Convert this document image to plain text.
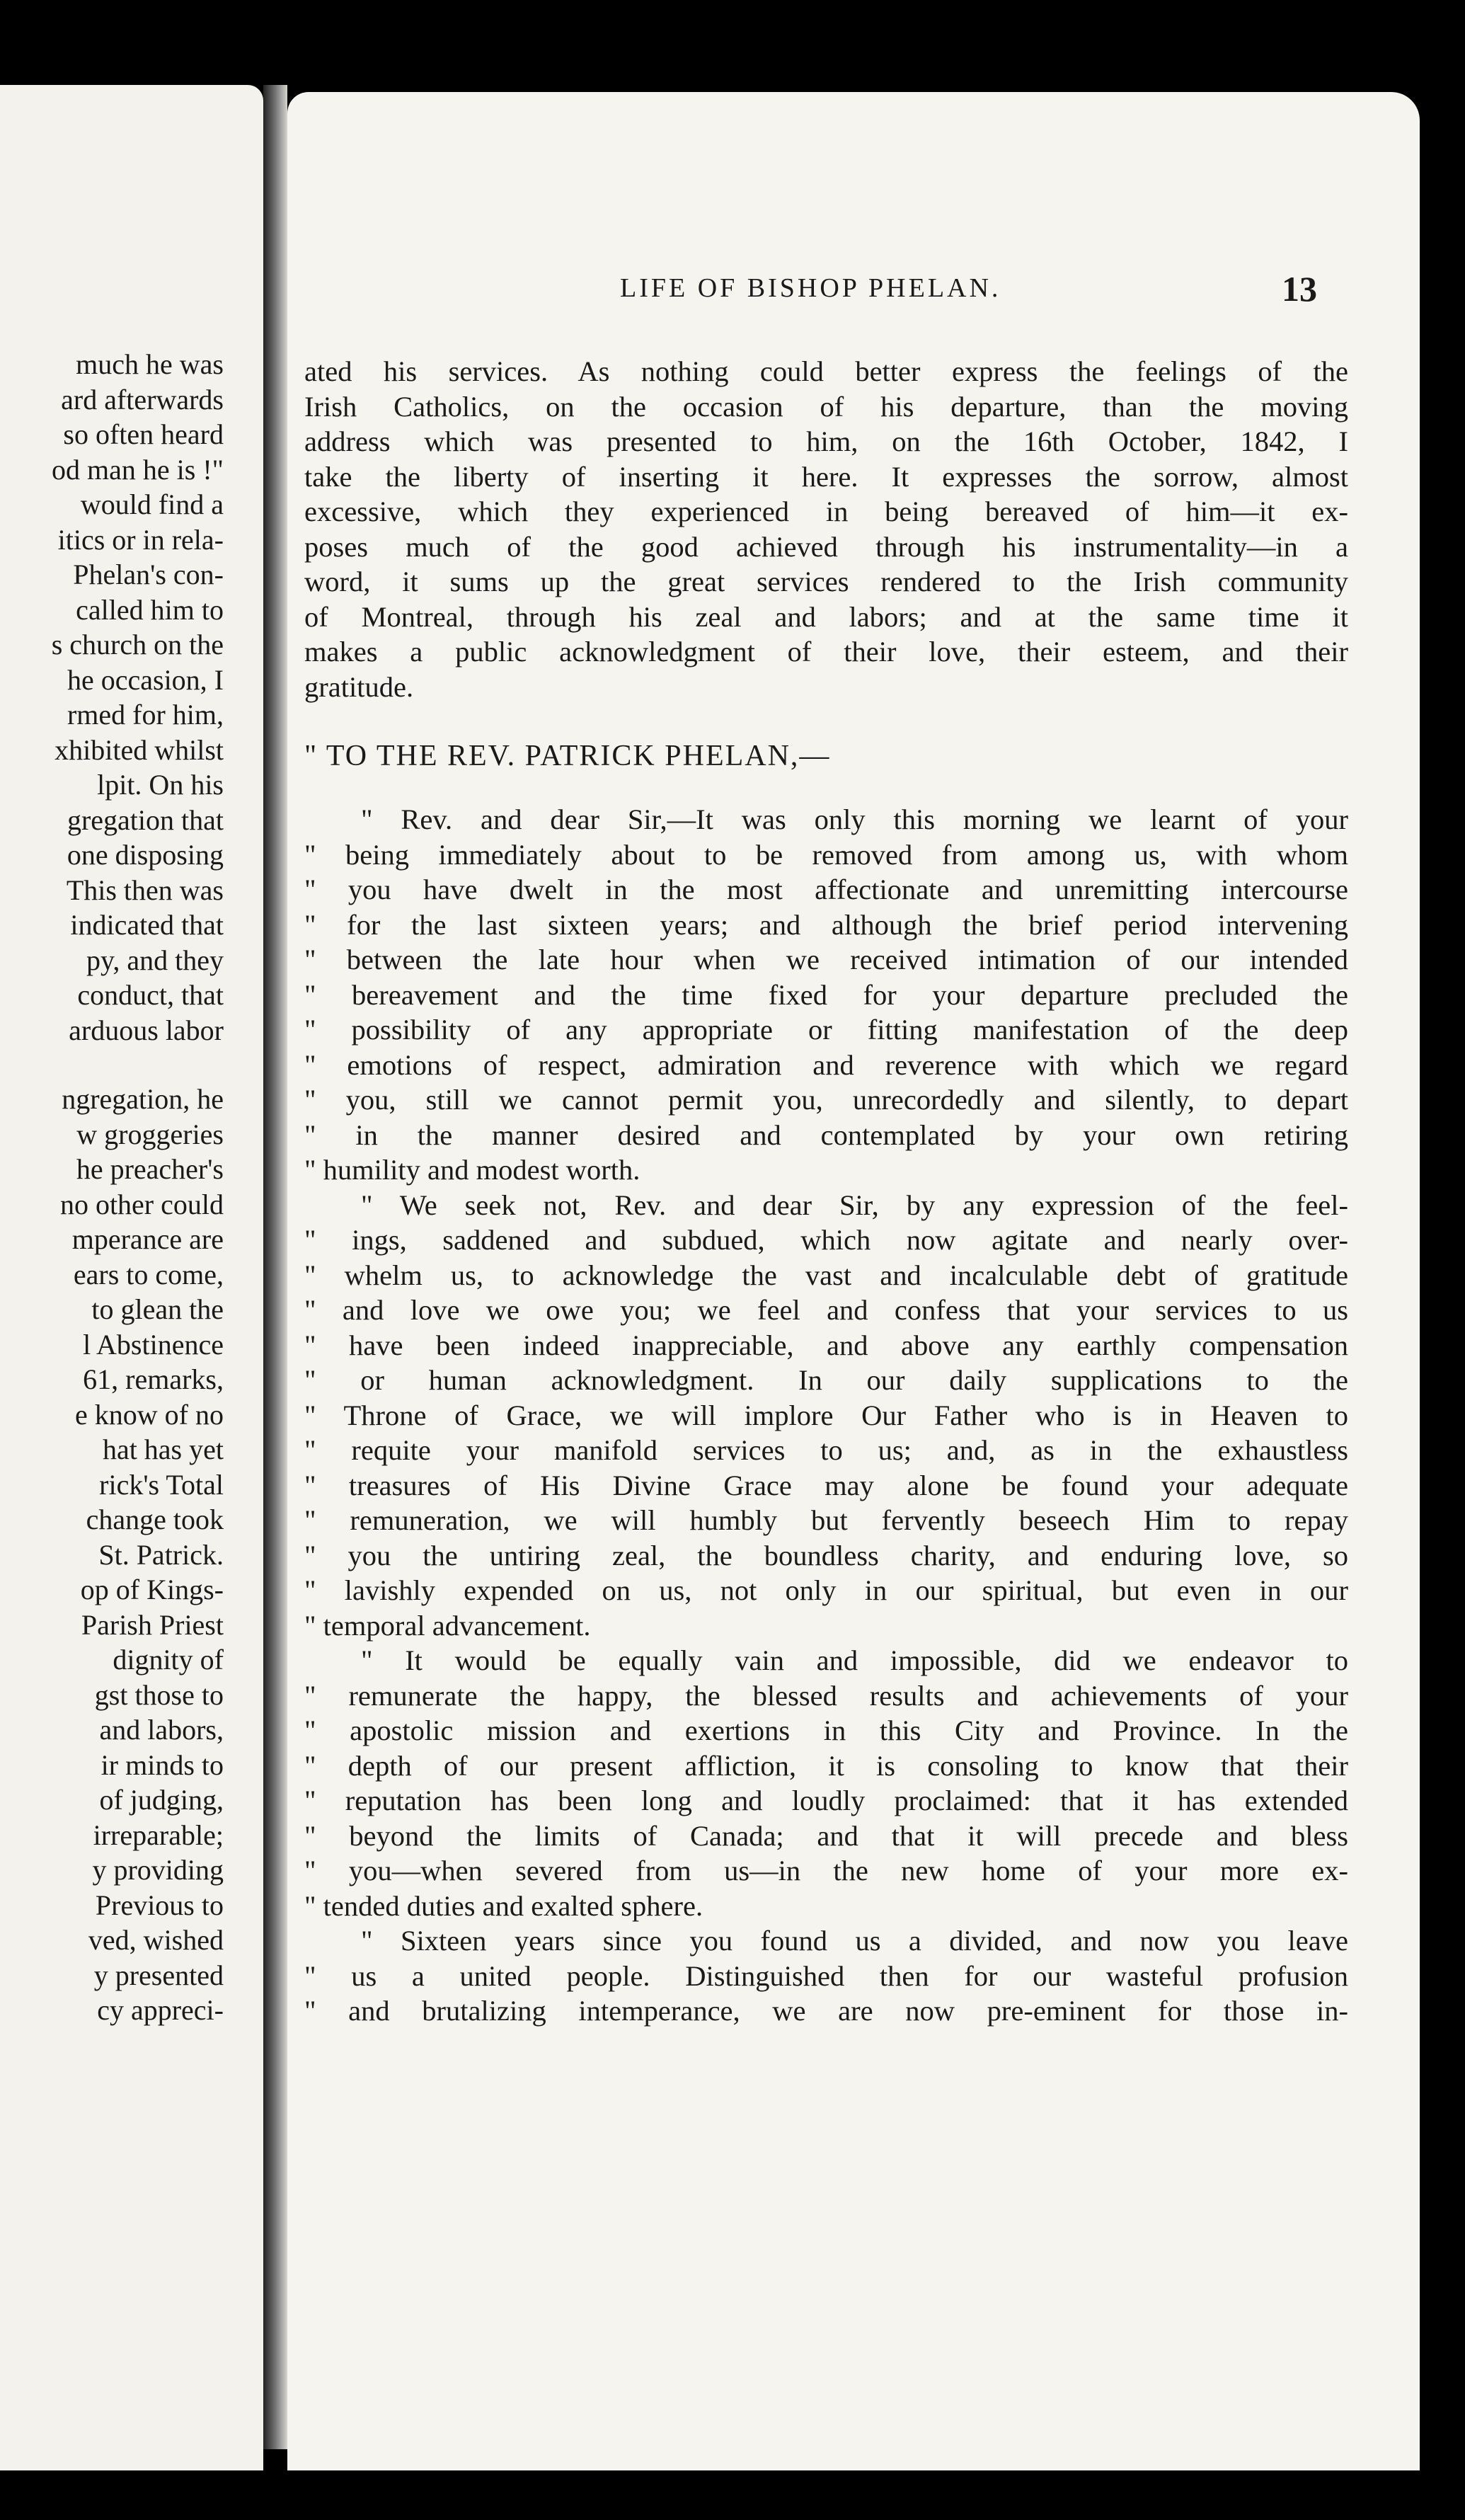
much he was
ard afterwards
so often heard
od man he is !"
would find a
itics or in rela-
Phelan's con-
called him to
s church on the
he occasion, I
rmed for him,
xhibited whilst
lpit. On his
gregation that
one disposing
This then was
indicated that
py, and they
conduct, that
arduous labor
ngregation, he
w groggeries
he preacher's
no other could
mperance are
ears to come,
to glean the
l Abstinence
61, remarks,
e know of no
hat has yet
rick's Total
change took
St. Patrick.
op of Kings-
Parish Priest
dignity of
gst those to
and labors,
ir minds to
of judging,
irreparable;
y providing
Previous to
ved, wished
y presented
cy appreci-
LIFE OF BISHOP PHELAN.	13
ated his services. As nothing could better express the feelings of the
Irish Catholics, on the occasion of his departure, than the moving
address which was presented to him, on the 16th October, 1842, I
take the liberty of inserting it here. It expresses the sorrow, almost
excessive, which they experienced in being bereaved of him—it ex-
poses much of the good achieved through his instrumentality—in a
word, it sums up the great services rendered to the Irish community
of Montreal, through his zeal and labors; and at the same time it
makes a public acknowledgment of their love, their esteem, and their
gratitude.
" TO THE REV. PATRICK PHELAN,—
" Rev. and dear Sir,—It was only this morning we learnt of your
" being immediately about to be removed from among us, with whom
" you have dwelt in the most affectionate and unremitting intercourse
" for the last sixteen years; and although the brief period intervening
" between the late hour when we received intimation of our intended
" bereavement and the time fixed for your departure precluded the
" possibility of any appropriate or fitting manifestation of the deep
" emotions of respect, admiration and reverence with which we regard
" you, still we cannot permit you, unrecordedly and silently, to depart
" in the manner desired and contemplated by your own retiring
" humility and modest worth.
" We seek not, Rev. and dear Sir, by any expression of the feel-
" ings, saddened and subdued, which now agitate and nearly over-
" whelm us, to acknowledge the vast and incalculable debt of gratitude
" and love we owe you; we feel and confess that your services to us
" have been indeed inappreciable, and above any earthly compensation
" or human acknowledgment. In our daily supplications to the
" Throne of Grace, we will implore Our Father who is in Heaven to
" requite your manifold services to us; and, as in the exhaustless
" treasures of His Divine Grace may alone be found your adequate
" remuneration, we will humbly but fervently beseech Him to repay
" you the untiring zeal, the boundless charity, and enduring love, so
" lavishly expended on us, not only in our spiritual, but even in our
" temporal advancement.
" It would be equally vain and impossible, did we endeavor to
" remunerate the happy, the blessed results and achievements of your
" apostolic mission and exertions in this City and Province. In the
" depth of our present affliction, it is consoling to know that their
" reputation has been long and loudly proclaimed: that it has extended
" beyond the limits of Canada; and that it will precede and bless
" you—when severed from us—in the new home of your more ex-
" tended duties and exalted sphere.
" Sixteen years since you found us a divided, and now you leave
" us a united people. Distinguished then for our wasteful profusion
" and brutalizing intemperance, we are now pre-eminent for those in-
